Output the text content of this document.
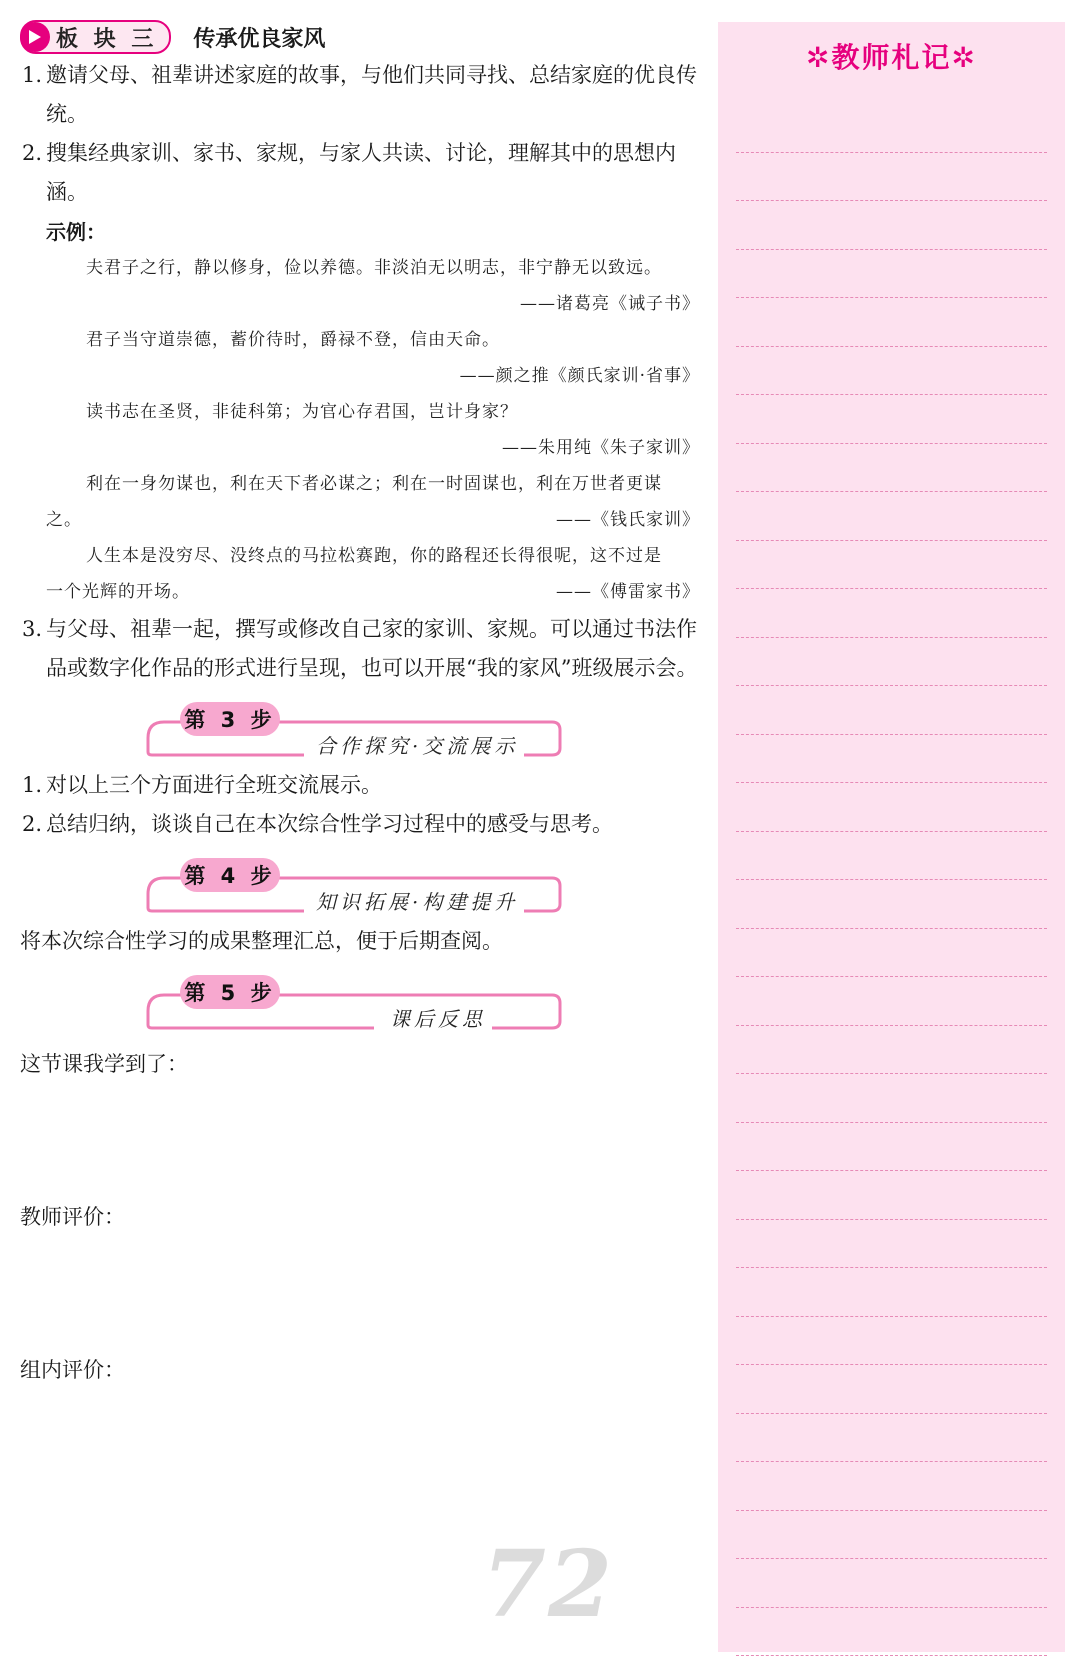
板 块 三 传承优良家风

1. 邀请父母、祖辈讲述家庭的故事，与他们共同寻找、总结家庭的优良传统。

2. 搜集经典家训、家书、家规，与家人共读、讨论，理解其中的思想内涵。

示例：

夫君子之行，静以修身，俭以养德。非淡泊无以明志，非宁静无以致远。

——诸葛亮《诫子书》

君子当守道崇德，蓄价待时，爵禄不登，信由天命。

——颜之推《颜氏家训·省事》

读书志在圣贤，非徒科第；为官心存君国，岂计身家？

——朱用纯《朱子家训》

利在一身勿谋也，利在天下者必谋之；利在一时固谋也，利在万世者更谋

之。	——《钱氏家训》

人生本是没穷尽、没终点的马拉松赛跑，你的路程还长得很呢，这不过是

一个光辉的开场。	——《傅雷家书》

3. 与父母、祖辈一起，撰写或修改自己家的家训、家规。可以通过书法作品或数字化作品的形式进行呈现，也可以开展“我的家风”班级展示会。

第 3 步
合作探究·交流展示

1. 对以上三个方面进行全班交流展示。

2. 总结归纳，谈谈自己在本次综合性学习过程中的感受与思考。

第 4 步
知识拓展·构建提升

将本次综合性学习的成果整理汇总，便于后期查阅。

第 5 步
课后反思

这节课我学到了：

教师评价：

组内评价：

✲教师札记✲
72
